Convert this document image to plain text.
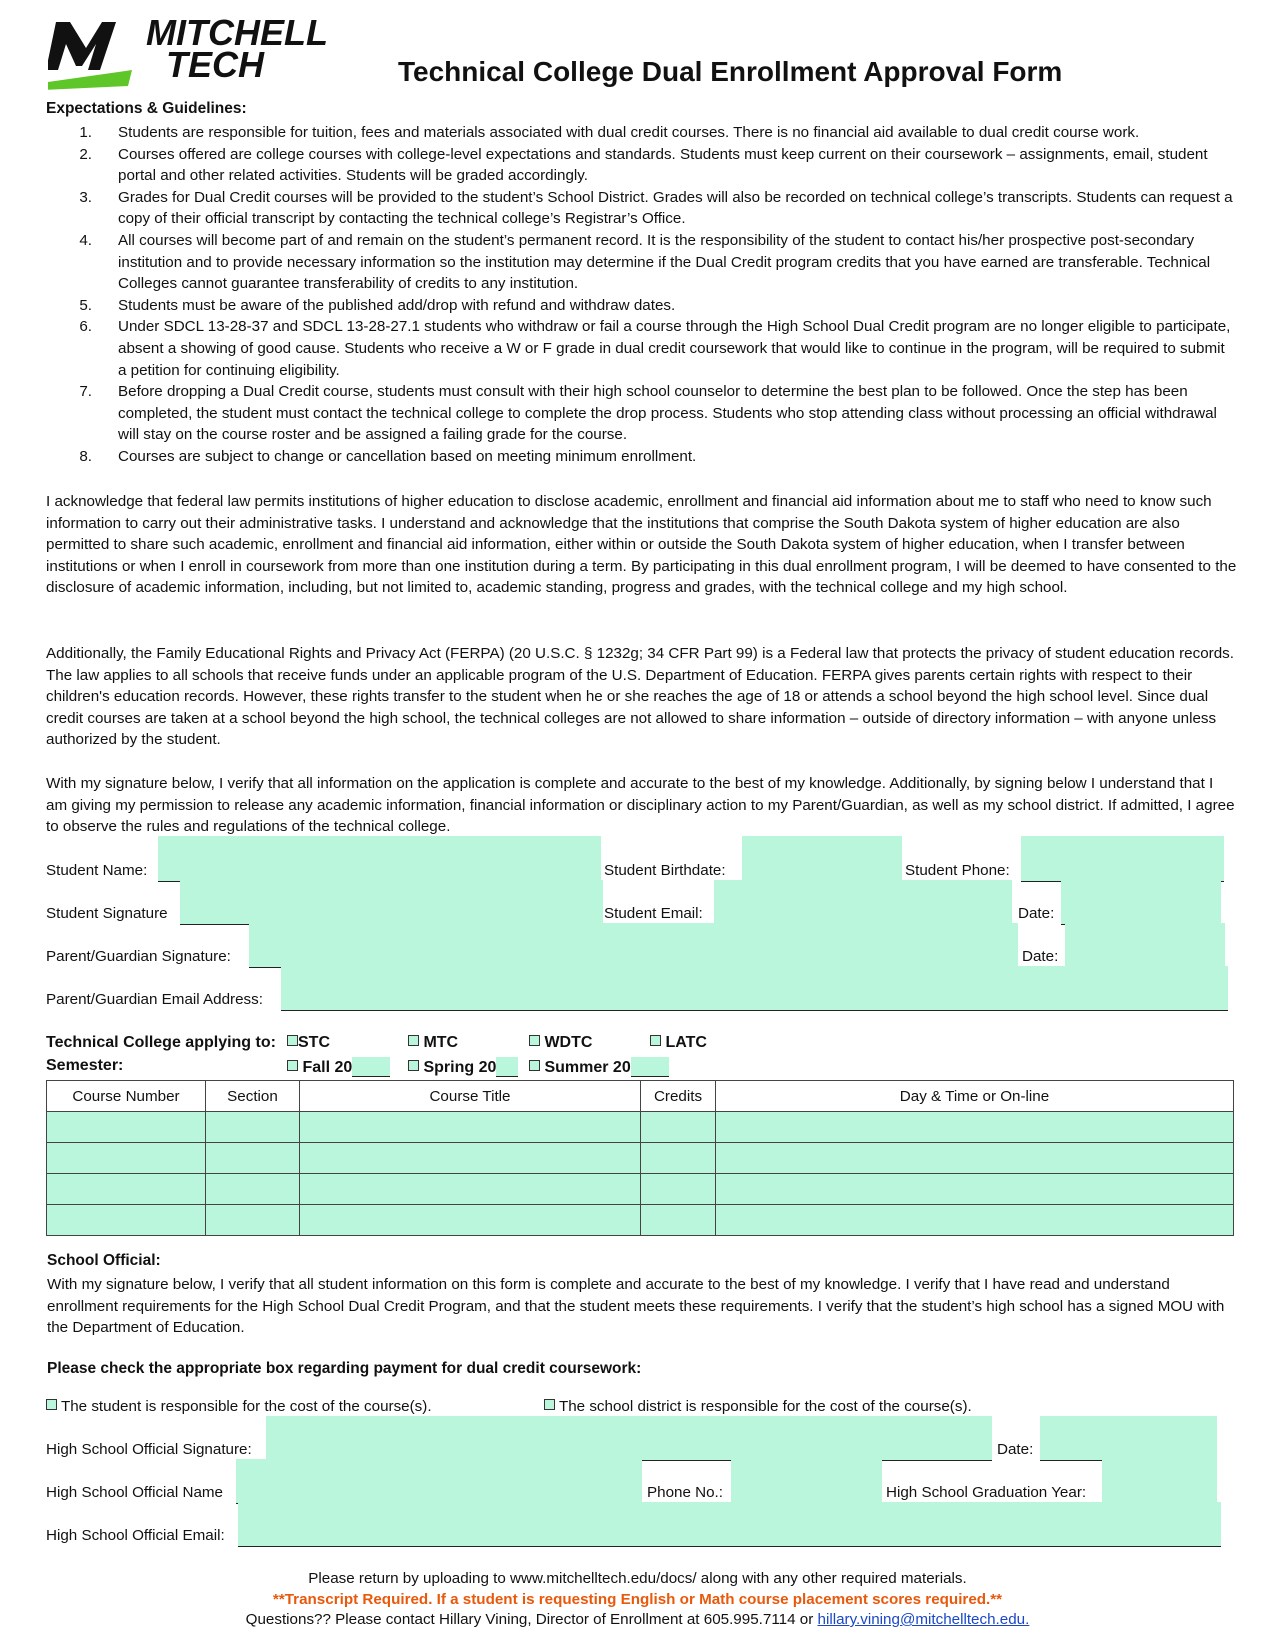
MITCHELL
TECH	Technical College Dual Enrollment Approval Form
Expectations & Guidelines:
1.	Students are responsible for tuition, fees and materials associated with dual credit courses. There is no financial aid available to dual credit course work.
2.	Courses offered are college courses with college-level expectations and standards. Students must keep current on their coursework – assignments, email, student portal and other related activities. Students will be graded accordingly.
3.	Grades for Dual Credit courses will be provided to the student’s School District. Grades will also be recorded on technical college’s transcripts. Students can request a copy of their official transcript by contacting the technical college’s Registrar’s Office.
4.	All courses will become part of and remain on the student’s permanent record. It is the responsibility of the student to contact his/her prospective post-secondary institution and to provide necessary information so the institution may determine if the Dual Credit program credits that you have earned are transferable. Technical Colleges cannot guarantee transferability of credits to any institution.
5.	Students must be aware of the published add/drop with refund and withdraw dates.
6.	Under SDCL 13-28-37 and SDCL 13-28-27.1 students who withdraw or fail a course through the High School Dual Credit program are no longer eligible to participate, absent a showing of good cause. Students who receive a W or F grade in dual credit coursework that would like to continue in the program, will be required to submit a petition for continuing eligibility.
7.	Before dropping a Dual Credit course, students must consult with their high school counselor to determine the best plan to be followed. Once the step has been completed, the student must contact the technical college to complete the drop process. Students who stop attending class without processing an official withdrawal will stay on the course roster and be assigned a failing grade for the course.
8.	Courses are subject to change or cancellation based on meeting minimum enrollment.

I acknowledge that federal law permits institutions of higher education to disclose academic, enrollment and financial aid information about me to staff who need to know such information to carry out their administrative tasks. I understand and acknowledge that the institutions that comprise the South Dakota system of higher education are also permitted to share such academic, enrollment and financial aid information, either within or outside the South Dakota system of higher education, when I transfer between institutions or when I enroll in coursework from more than one institution during a term. By participating in this dual enrollment program, I will be deemed to have consented to the disclosure of academic information, including, but not limited to, academic standing, progress and grades, with the technical college and my high school.

Additionally, the Family Educational Rights and Privacy Act (FERPA) (20 U.S.C. § 1232g; 34 CFR Part 99) is a Federal law that protects the privacy of student education records. The law applies to all schools that receive funds under an applicable program of the U.S. Department of Education. FERPA gives parents certain rights with respect to their children's education records. However, these rights transfer to the student when he or she reaches the age of 18 or attends a school beyond the high school level. Since dual credit courses are taken at a school beyond the high school, the technical colleges are not allowed to share information – outside of directory information – with anyone unless authorized by the student.

With my signature below, I verify that all information on the application is complete and accurate to the best of my knowledge. Additionally, by signing below I understand that I am giving my permission to release any academic information, financial information or disciplinary action to my Parent/Guardian, as well as my school district. If admitted, I agree to observe the rules and regulations of the technical college.

Student Name:	Student Birthdate:	Student Phone:
Student Signature	Student Email:	Date:
Parent/Guardian Signature:	Date:
Parent/Guardian Email Address:
Technical College applying to:	STC	MTC	WDTC	LATC
Semester:	Fall 20	Spring 20	Summer 20
Course Number	Section	Course Title	Credits	Day & Time or On-line

School Official:

With my signature below, I verify that all student information on this form is complete and accurate to the best of my knowledge. I verify that I have read and understand enrollment requirements for the High School Dual Credit Program, and that the student meets these requirements. I verify that the student’s high school has a signed MOU with the Department of Education.

Please check the appropriate box regarding payment for dual credit coursework:
The student is responsible for the cost of the course(s).	The school district is responsible for the cost of the course(s).
High School Official Signature:	Date:
High School Official Name	Phone No.:	High School Graduation Year:
High School Official Email:
Please return by uploading to www.mitchelltech.edu/docs/ along with any other required materials.
**Transcript Required. If a student is requesting English or Math course placement scores required.**
Questions?? Please contact Hillary Vining, Director of Enrollment at 605.995.7114 or hillary.vining@mitchelltech.edu.
